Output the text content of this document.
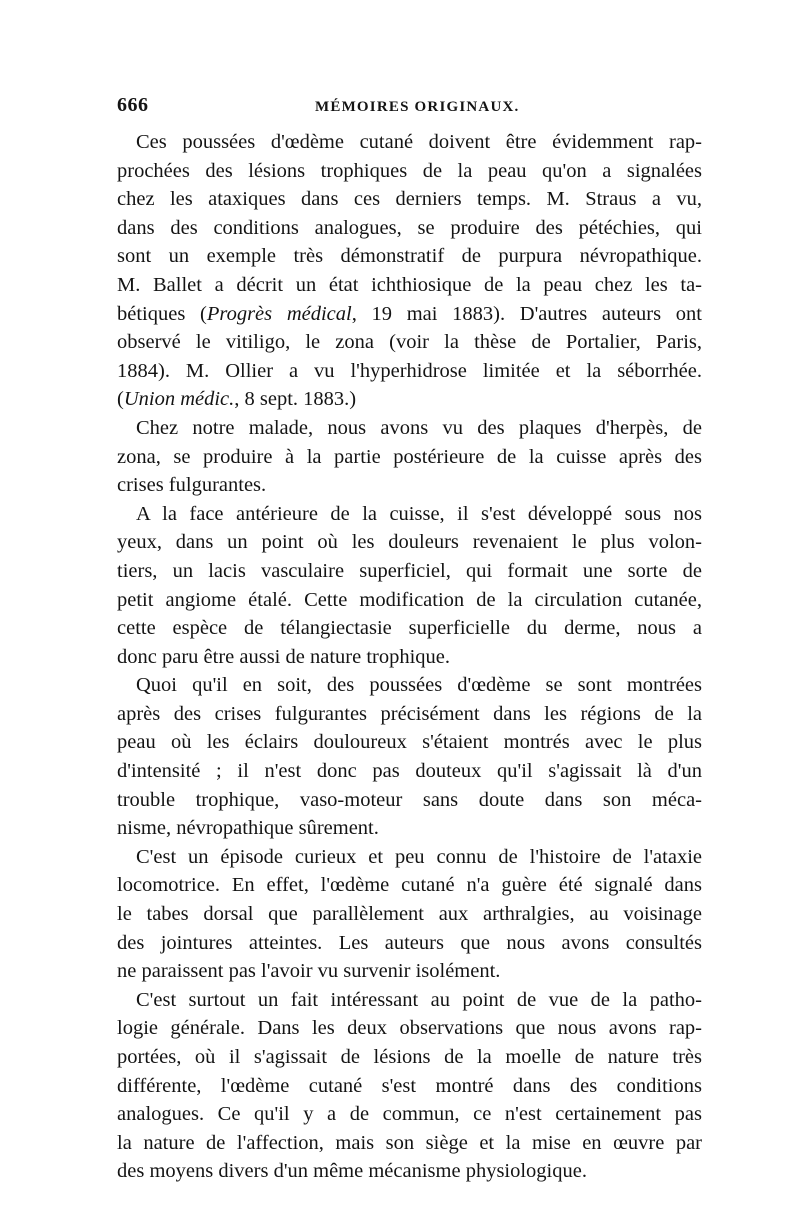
666	MÉMOIRES ORIGINAUX.
Ces poussées d'œdème cutané doivent être évidemment rap-
prochées des lésions trophiques de la peau qu'on a signalées
chez les ataxiques dans ces derniers temps. M. Straus a vu,
dans des conditions analogues, se produire des pétéchies, qui
sont un exemple très démonstratif de purpura névropathique.
M. Ballet a décrit un état ichthiosique de la peau chez les ta-
bétiques (Progrès médical, 19 mai 1883). D'autres auteurs ont
observé le vitiligo, le zona (voir la thèse de Portalier, Paris,
1884). M. Ollier a vu l'hyperhidrose limitée et la séborrhée.
(Union médic., 8 sept. 1883.)
Chez notre malade, nous avons vu des plaques d'herpès, de
zona, se produire à la partie postérieure de la cuisse après des
crises fulgurantes.
A la face antérieure de la cuisse, il s'est développé sous nos
yeux, dans un point où les douleurs revenaient le plus volon-
tiers, un lacis vasculaire superficiel, qui formait une sorte de
petit angiome étalé. Cette modification de la circulation cutanée,
cette espèce de télangiectasie superficielle du derme, nous a
donc paru être aussi de nature trophique.
Quoi qu'il en soit, des poussées d'œdème se sont montrées
après des crises fulgurantes précisément dans les régions de la
peau où les éclairs douloureux s'étaient montrés avec le plus
d'intensité ; il n'est donc pas douteux qu'il s'agissait là d'un
trouble trophique, vaso-moteur sans doute dans son méca-
nisme, névropathique sûrement.
C'est un épisode curieux et peu connu de l'histoire de l'ataxie
locomotrice. En effet, l'œdème cutané n'a guère été signalé dans
le tabes dorsal que parallèlement aux arthralgies, au voisinage
des jointures atteintes. Les auteurs que nous avons consultés
ne paraissent pas l'avoir vu survenir isolément.
C'est surtout un fait intéressant au point de vue de la patho-
logie générale. Dans les deux observations que nous avons rap-
portées, où il s'agissait de lésions de la moelle de nature très
différente, l'œdème cutané s'est montré dans des conditions
analogues. Ce qu'il y a de commun, ce n'est certainement pas
la nature de l'affection, mais son siège et la mise en œuvre par
des moyens divers d'un même mécanisme physiologique.
